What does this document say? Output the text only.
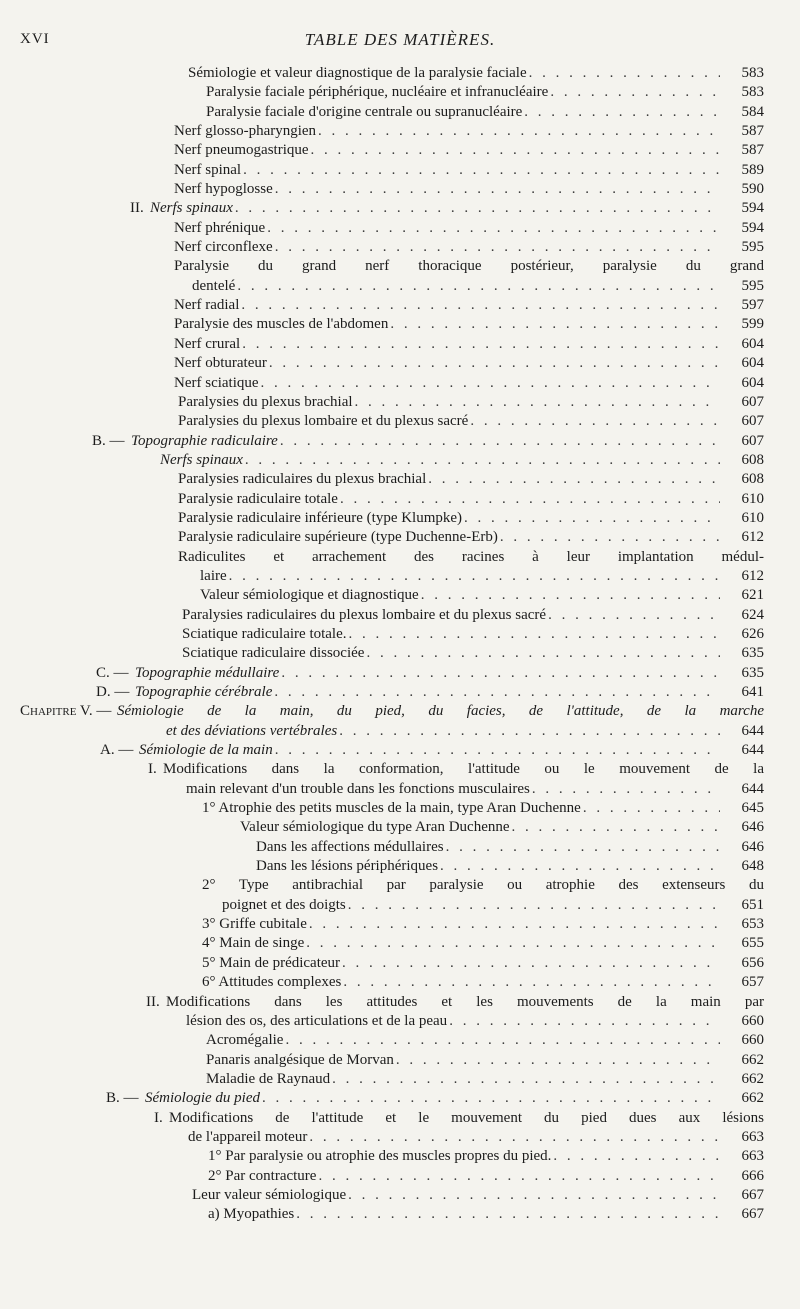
XVI	TABLE DES MATIÈRES.
Sémiologie et valeur diagnostique de la paralysie faciale . . .	583
Paralysie faciale périphérique, nucléaire et infranucléaire . . .	583
Paralysie faciale d'origine centrale ou supranucléaire . . .	584
Nerf glosso-pharyngien . . .	587
Nerf pneumogastrique . . .	587
Nerf spinal . . .	589
Nerf hypoglosse . . .	590
II. Nerfs spinaux . . .	594
Nerf phrénique . . .	594
Nerf circonflexe . . .	595
Paralysie du grand nerf thoracique postérieur, paralysie du grand
dentelé . . .	595
Nerf radial . . .	597
Paralysie des muscles de l'abdomen . . .	599
Nerf crural . . .	604
Nerf obturateur . . .	604
Nerf sciatique . . .	604
Paralysies du plexus brachial . . .	607
Paralysies du plexus lombaire et du plexus sacré . . .	607
B. — Topographie radiculaire . . .	607
Nerfs spinaux . . .	608
Paralysies radiculaires du plexus brachial . . .	608
Paralysie radiculaire totale . . .	610
Paralysie radiculaire inférieure (type Klumpke) . . .	610
Paralysie radiculaire supérieure (type Duchenne-Erb) . . .	612
Radiculites et arrachement des racines à leur implantation médul-
laire . . .	612
Valeur sémiologique et diagnostique . . .	621
Paralysies radiculaires du plexus lombaire et du plexus sacré . . .	624
Sciatique radiculaire totale. . . .	626
Sciatique radiculaire dissociée . . .	635
C. — Topographie médullaire . . .	635
D. — Topographie cérébrale . . .	641
Chapitre V. — Sémiologie de la main, du pied, du facies, de l'attitude, de la marche
et des déviations vertébrales . . .	644
A. — Sémiologie de la main . . .	644
I. Modifications dans la conformation, l'attitude ou le mouvement de la
main relevant d'un trouble dans les fonctions musculaires . . .	644
1° Atrophie des petits muscles de la main, type Aran Duchenne . . .	645
Valeur sémiologique du type Aran Duchenne . . .	646
Dans les affections médullaires . . .	646
Dans les lésions périphériques . . .	648
2° Type antibrachial par paralysie ou atrophie des extenseurs du
poignet et des doigts . . .	651
3° Griffe cubitale . . .	653
4° Main de singe . . .	655
5° Main de prédicateur . . .	656
6° Attitudes complexes . . .	657
II. Modifications dans les attitudes et les mouvements de la main par
lésion des os, des articulations et de la peau . . .	660
Acromégalie . . .	660
Panaris analgésique de Morvan . . .	662
Maladie de Raynaud . . .	662
B. — Sémiologie du pied . . .	662
I. Modifications de l'attitude et le mouvement du pied dues aux lésions
de l'appareil moteur . . .	663
1° Par paralysie ou atrophie des muscles propres du pied. . . .	663
2° Par contracture . . .	666
Leur valeur sémiologique . . .	667
a) Myopathies . . .	667
